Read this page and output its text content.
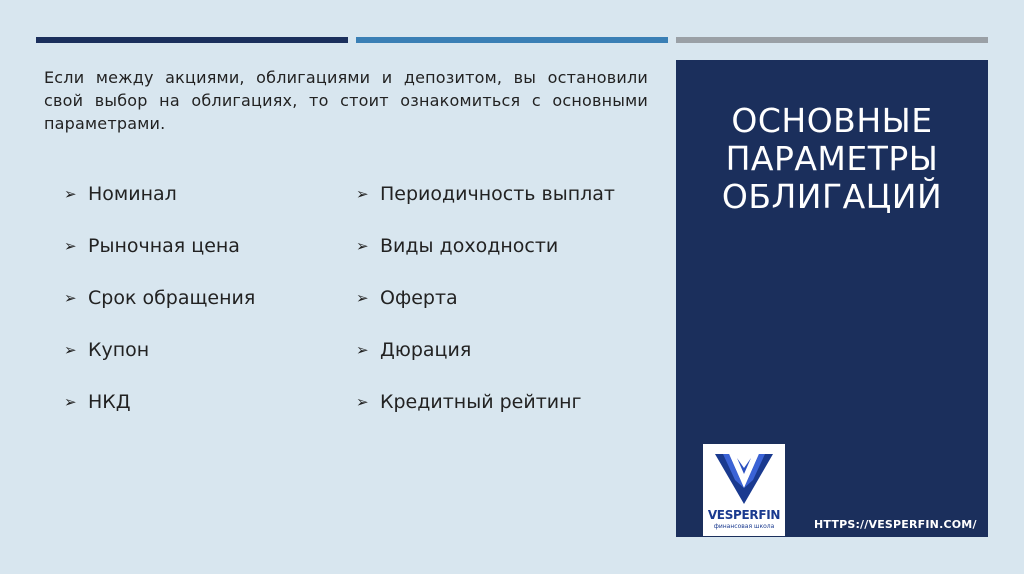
Если между акциями, облигациями и депозитом, вы остановили свой выбор на облигациях, то стоит ознакомиться с основными параметрами.
➢ Номинал
➢ Рыночная цена
➢ Срок обращения
➢ Купон
➢ НКД
➢ Периодичность выплат
➢ Виды доходности
➢ Оферта
➢ Дюрация
➢ Кредитный рейтинг
ОСНОВНЫЕ
ПАРАМЕТРЫ
ОБЛИГАЦИЙ
VESPERFIN
финансовая школа	HTTPS://VESPERFIN.COM/
